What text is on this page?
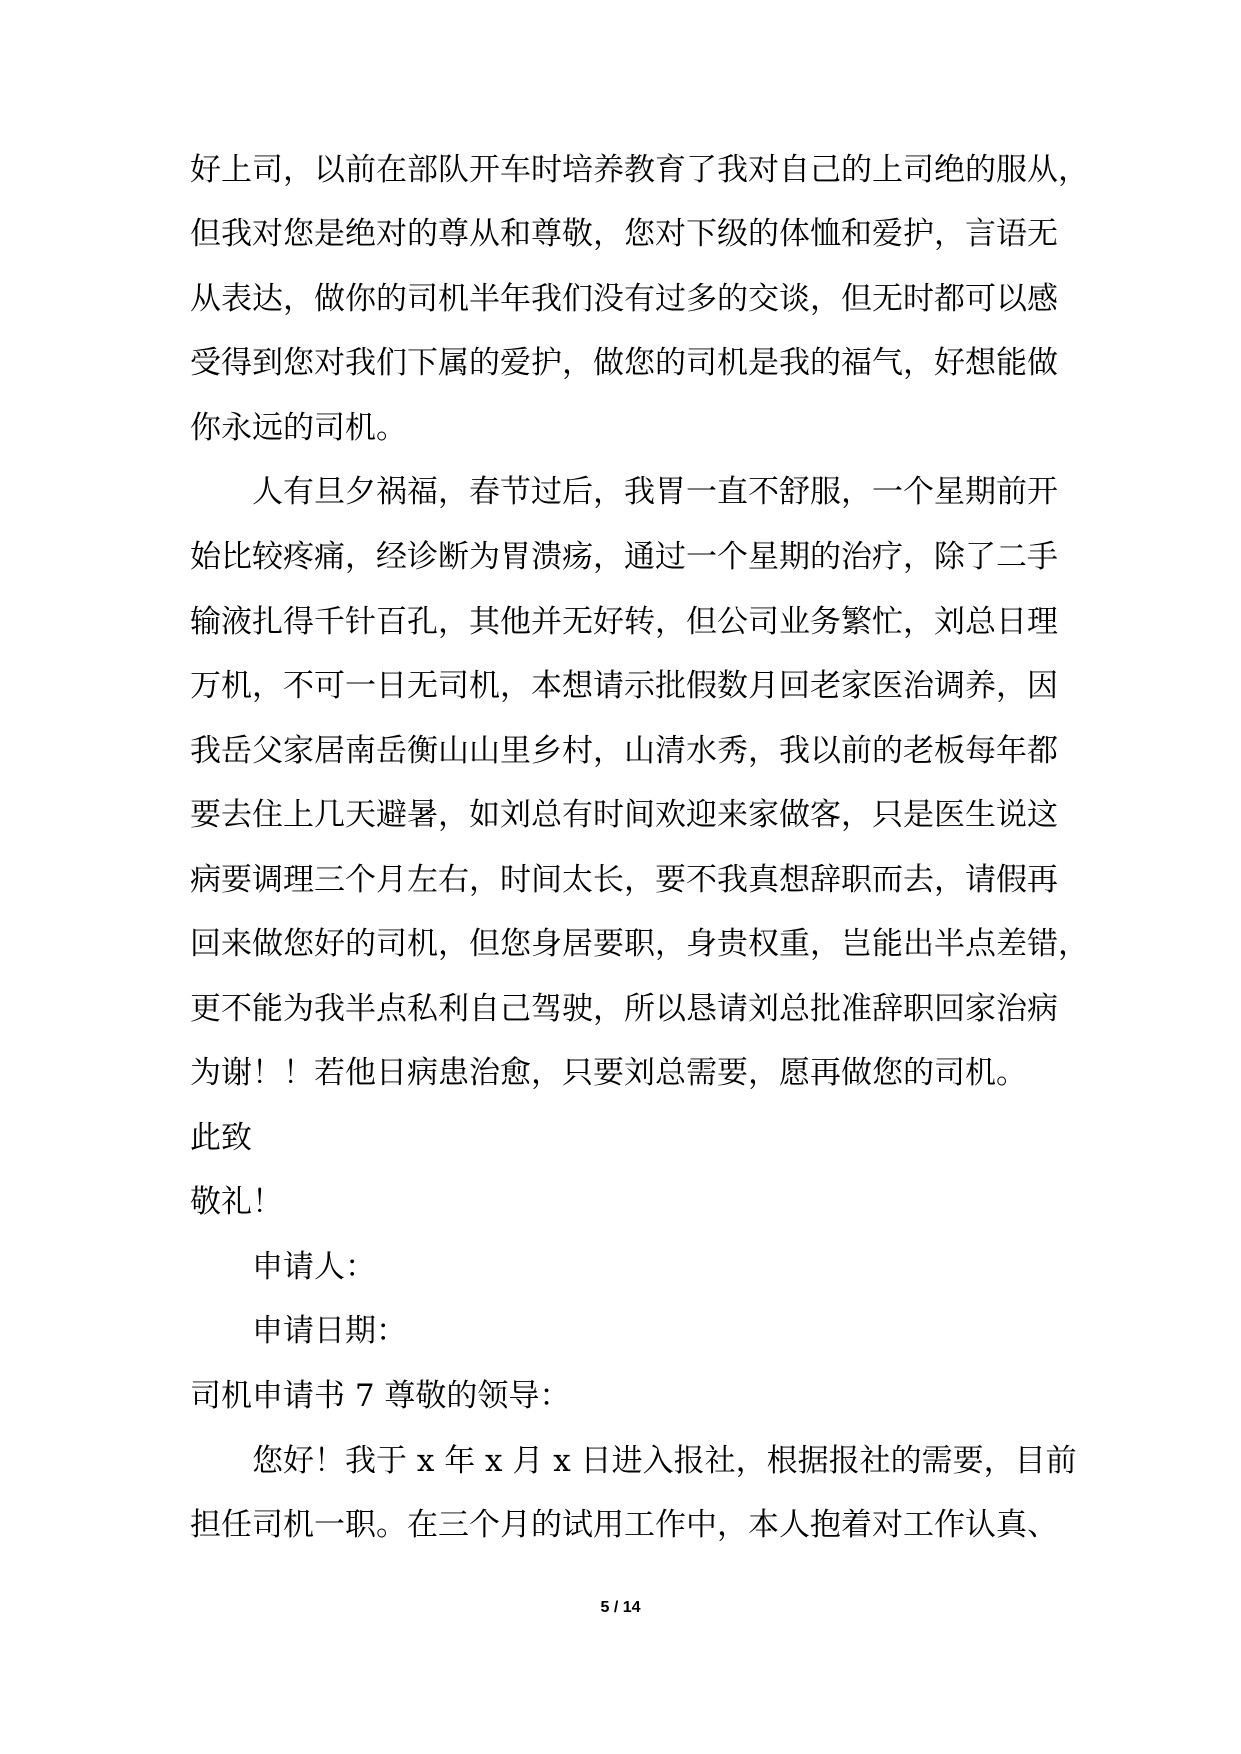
好上司，以前在部队开车时培养教育了我对自己的上司绝的服从，

但我对您是绝对的尊从和尊敬，您对下级的体恤和爱护，言语无

从表达，做你的司机半年我们没有过多的交谈，但无时都可以感

受得到您对我们下属的爱护，做您的司机是我的福气，好想能做

你永远的司机。

人有旦夕祸福，春节过后，我胃一直不舒服，一个星期前开

始比较疼痛，经诊断为胃溃疡，通过一个星期的治疗，除了二手

输液扎得千针百孔，其他并无好转，但公司业务繁忙，刘总日理

万机，不可一日无司机，本想请示批假数月回老家医治调养，因

我岳父家居南岳衡山山里乡村，山清水秀，我以前的老板每年都

要去住上几天避暑，如刘总有时间欢迎来家做客，只是医生说这

病要调理三个月左右，时间太长，要不我真想辞职而去，请假再

回来做您好的司机，但您身居要职，身贵权重，岂能出半点差错，

更不能为我半点私利自己驾驶，所以恳请刘总批准辞职回家治病

为谢！！若他日病患治愈，只要刘总需要，愿再做您的司机。

此致

敬礼！

申请人：

申请日期：

司机申请书 7 尊敬的领导：

您好！我于 x 年 x 月 x 日进入报社，根据报社的需要，目前

担任司机一职。在三个月的试用工作中，本人抱着对工作认真、

5 / 14
